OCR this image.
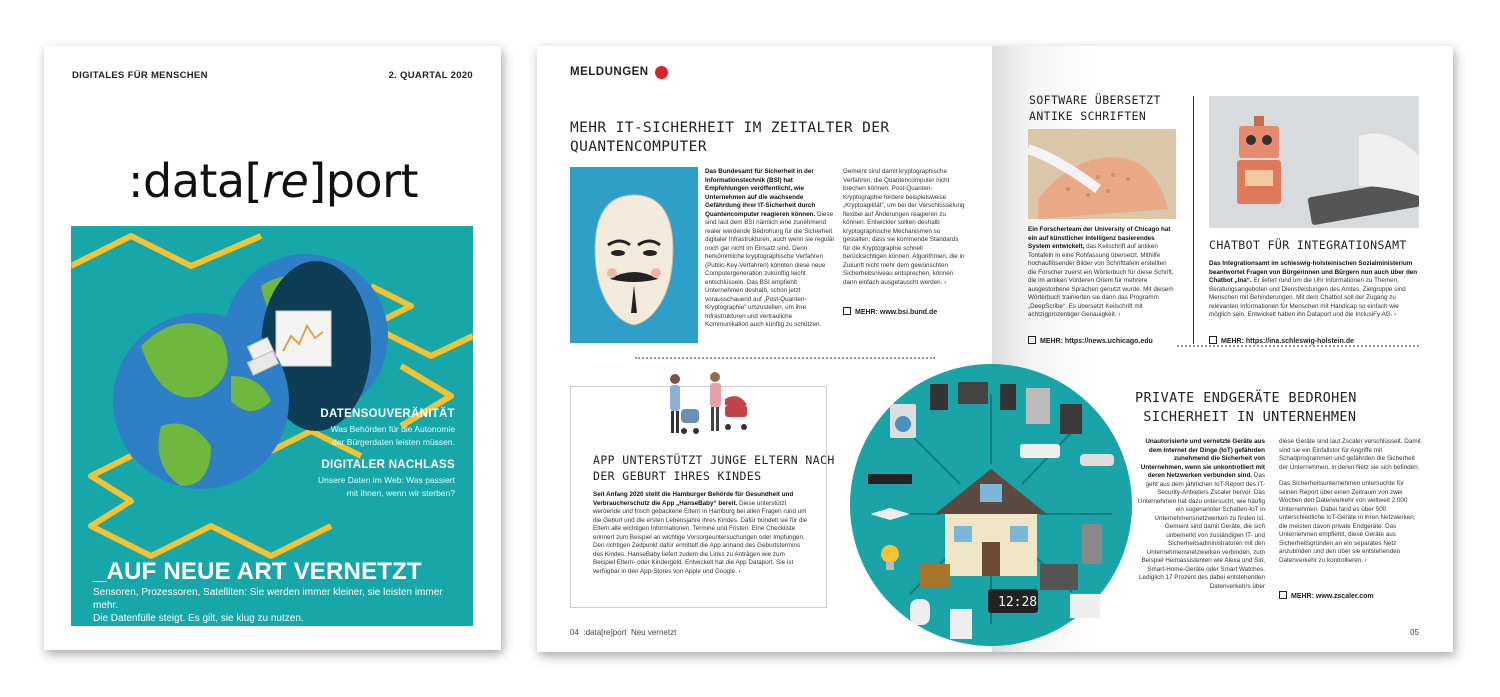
DIGITALES FÜR MENSCHEN	2. QUARTAL 2020
:data[re]port
DATENSOUVERÄNITÄT
Was Behörden für die Autonomie
der Bürgerdaten leisten müssen.
DIGITALER NACHLASS
Unsere Daten im Web: Was passiert
mit ihnen, wenn wir sterben?
_AUF NEUE ART VERNETZT
Sensoren, Prozessoren, Satelliten: Sie werden immer kleiner, sie leisten immer mehr.
Die Datenfülle steigt. Es gilt, sie klug zu nutzen.
MELDUNGEN
MEHR IT-SICHERHEIT IM ZEITALTER DER
QUANTENCOMPUTER
Das Bundesamt für Sicherheit in der Informationstechnik (BSI) hat Empfehlungen veröffentlicht, wie Unternehmen auf die wachsende Gefährdung ihrer IT-Sicherheit durch Quantencomputer reagieren können. Diese sind laut dem BSI nämlich eine zunehmend realer werdende Bedrohung für die Sicherheit digitaler Infrastrukturen, auch wenn sie regulär noch gar nicht im Einsatz sind. Denn herkömmliche kryptographische Verfahren (Public-Key-Verfahren) könnten diese neue Computergeneration zukünftig leicht entschlüsseln. Das BSI empfiehlt Unternehmen deshalb, schon jetzt vorausschauend auf „Post-Quanten-Kryptographie“ umzustellen, um ihre Infrastrukturen und vertrauliche Kommunikation auch künftig zu schützen.
Gemeint sind damit kryptographische Verfahren, die Quantencomputer nicht brechen können. Post-Quanten-Kryptographie fordere beispielsweise „Kryptoagilität“, um bei der Verschlüsselung flexibel auf Änderungen reagieren zu können. Entwickler sollten deshalb kryptographische Mechanismen so gestalten, dass sie kommende Standards für die Kryptographie schnell berücksichtigen können. Algorithmen, die in Zukunft nicht mehr dem gewünschten Sicherheitsniveau entsprechen, können dann einfach ausgetauscht werden. ‹
MEHR: www.bsi.bund.de
APP UNTERSTÜTZT JUNGE ELTERN NACH
DER GEBURT IHRES KINDES
Seit Anfang 2020 stellt die Hamburger Behörde für Gesundheit und Verbraucherschutz die App „HanseBaby“ bereit. Diese unterstützt werdende und frisch gebackene Eltern in Hamburg bei allen Fragen rund um die Geburt und die ersten Lebensjahre ihres Kindes. Dafür bündelt sie für die Eltern alle wichtigen Informationen, Termine und Fristen. Eine Checkliste erinnert zum Beispiel an wichtige Vorsorgeuntersuchungen oder Impfungen. Den richtigen Zeitpunkt dafür ermittelt die App anhand des Geburtstermins des Kindes. HanseBaby liefert zudem die Links zu Anträgen wie zum Beispiel Eltern- oder Kindergeld. Entwickelt hat die App Dataport. Sie ist verfügbar in den App-Stores von Apple und Google. ‹
12:28
SOFTWARE ÜBERSETZT
ANTIKE SCHRIFTEN
Ein Forscherteam der University of Chicago hat ein auf künstlicher Intelligenz basierendes System entwickelt, das Keilschrift auf antiken Tontafeln in eine Rohfassung übersetzt. Mithilfe hochauflösender Bilder von Schrifttafeln erstellten die Forscher zuerst ein Wörterbuch für diese Schrift, die im antiken Vorderen Orient für mehrere ausgestorbene Sprachen genutzt wurde. Mit diesem Wörterbuch trainierten sie dann das Programm „DeepScribe“. Es übersetzt Keilschrift mit achtzigprozentiger Genauigkeit. ‹
MEHR: https://news.uchicago.edu
CHATBOT FÜR INTEGRATIONSAMT
Das Integrationsamt im schleswig-holsteinischen Sozialministerium beantwortet Fragen von Bürgerinnen und Bürgern nun auch über den Chatbot „Ina“. Er liefert rund um die Uhr Informationen zu Themen, Beratungsangeboten und Dienstleistungen des Amtes. Zielgruppe sind Menschen mit Behinderungen. Mit dem Chatbot soll der Zugang zu relevanten Informationen für Menschen mit Handicap so einfach wie möglich sein. Entwickelt haben ihn Dataport und die InclusiFy AG. ‹
MEHR: https://ina.schleswig-holstein.de
PRIVATE ENDGERÄTE BEDROHEN
SICHERHEIT IN UNTERNEHMEN
Unautorisierte und vernetzte Geräte aus dem Internet der Dinge (IoT) gefährden zunehmend die Sicherheit von Unternehmen, wenn sie unkontrolliert mit deren Netzwerken verbunden sind. Das geht aus dem jährlichen IoT-Report des IT-Security-Anbieters Zscaler hervor. Das Unternehmen hat dazu untersucht, wie häufig ein sogenannter Schatten-IoT in Unternehmensnetzwerken zu finden ist. Gemeint sind damit Geräte, die sich unbemerkt von zuständigen IT- und Sicherheitsadministratoren mit den Unternehmensnetzwerken verbinden, zum Beispiel Heimassistenten wie Alexa und Siri, Smart-Home-Geräte oder Smart Watches. Lediglich 17 Prozent des dabei entstehenden Datenverkehrs über
diese Geräte sind laut Zscaler verschlüsselt. Damit sind sie ein Einfallstor für Angriffe mit Schadprogrammen und gefährden die Sicherheit der Unternehmen, in deren Netz sie sich befinden.
Das Sicherheitsunternehmen untersuchte für seinen Report über einen Zeitraum von zwei Wochen den Datenverkehr von weltweit 2.000 Unternehmen. Dabei fand es über 500 unterschiedliche IoT-Geräte in ihren Netzwerken, die meisten davon private Endgeräte. Das Unternehmen empfiehlt, diese Geräte aus Sicherheitsgründen an ein separates Netz anzubinden und den über sie entstehenden Datenverkehr zu kontrollieren. ‹
MEHR: www.zscaler.com
04 :data[re]port Neu vernetzt	05
